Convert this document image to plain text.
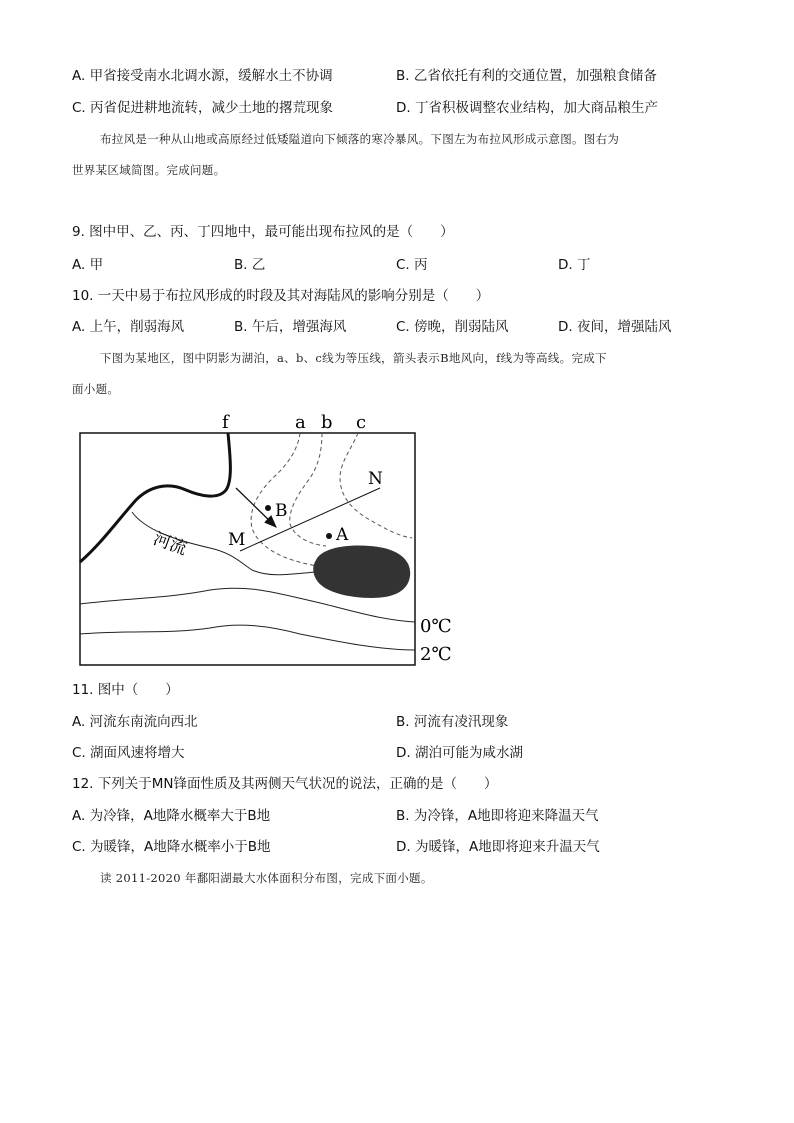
A. 甲省接受南水北调水源，缓解水土不协调	B. 乙省依托有利的交通位置，加强粮食储备
C. 丙省促进耕地流转，减少土地的撂荒现象	D. 丁省积极调整农业结构，加大商品粮生产
布拉风是一种从山地或高原经过低矮隘道向下倾落的寒冷暴风。下图左为布拉风形成示意图。图右为
世界某区域简图。完成问题。
9. 图中甲、乙、丙、丁四地中，最可能出现布拉风的是（　　）
A. 甲	B. 乙	C. 丙	D. 丁
10. 一天中易于布拉风形成的时段及其对海陆风的影响分别是（　　）
A. 上午，削弱海风	B. 午后，增强海风	C. 傍晚，削弱陆风	D. 夜间，增强陆风
下图为某地区，图中阴影为湖泊，a、b、c线为等压线，箭头表示B地风向，f线为等高线。完成下
面小题。
f	a b c
N
M
B
A
河流
0℃
2℃
11. 图中（　　）
A. 河流东南流向西北	B. 河流有凌汛现象
C. 湖面风速将增大	D. 湖泊可能为咸水湖
12. 下列关于MN锋面性质及其两侧天气状况的说法，正确的是（　　）
A. 为冷锋，A地降水概率大于B地	B. 为冷锋，A地即将迎来降温天气
C. 为暖锋，A地降水概率小于B地	D. 为暖锋，A地即将迎来升温天气
读 2011-2020 年鄱阳湖最大水体面积分布图，完成下面小题。
